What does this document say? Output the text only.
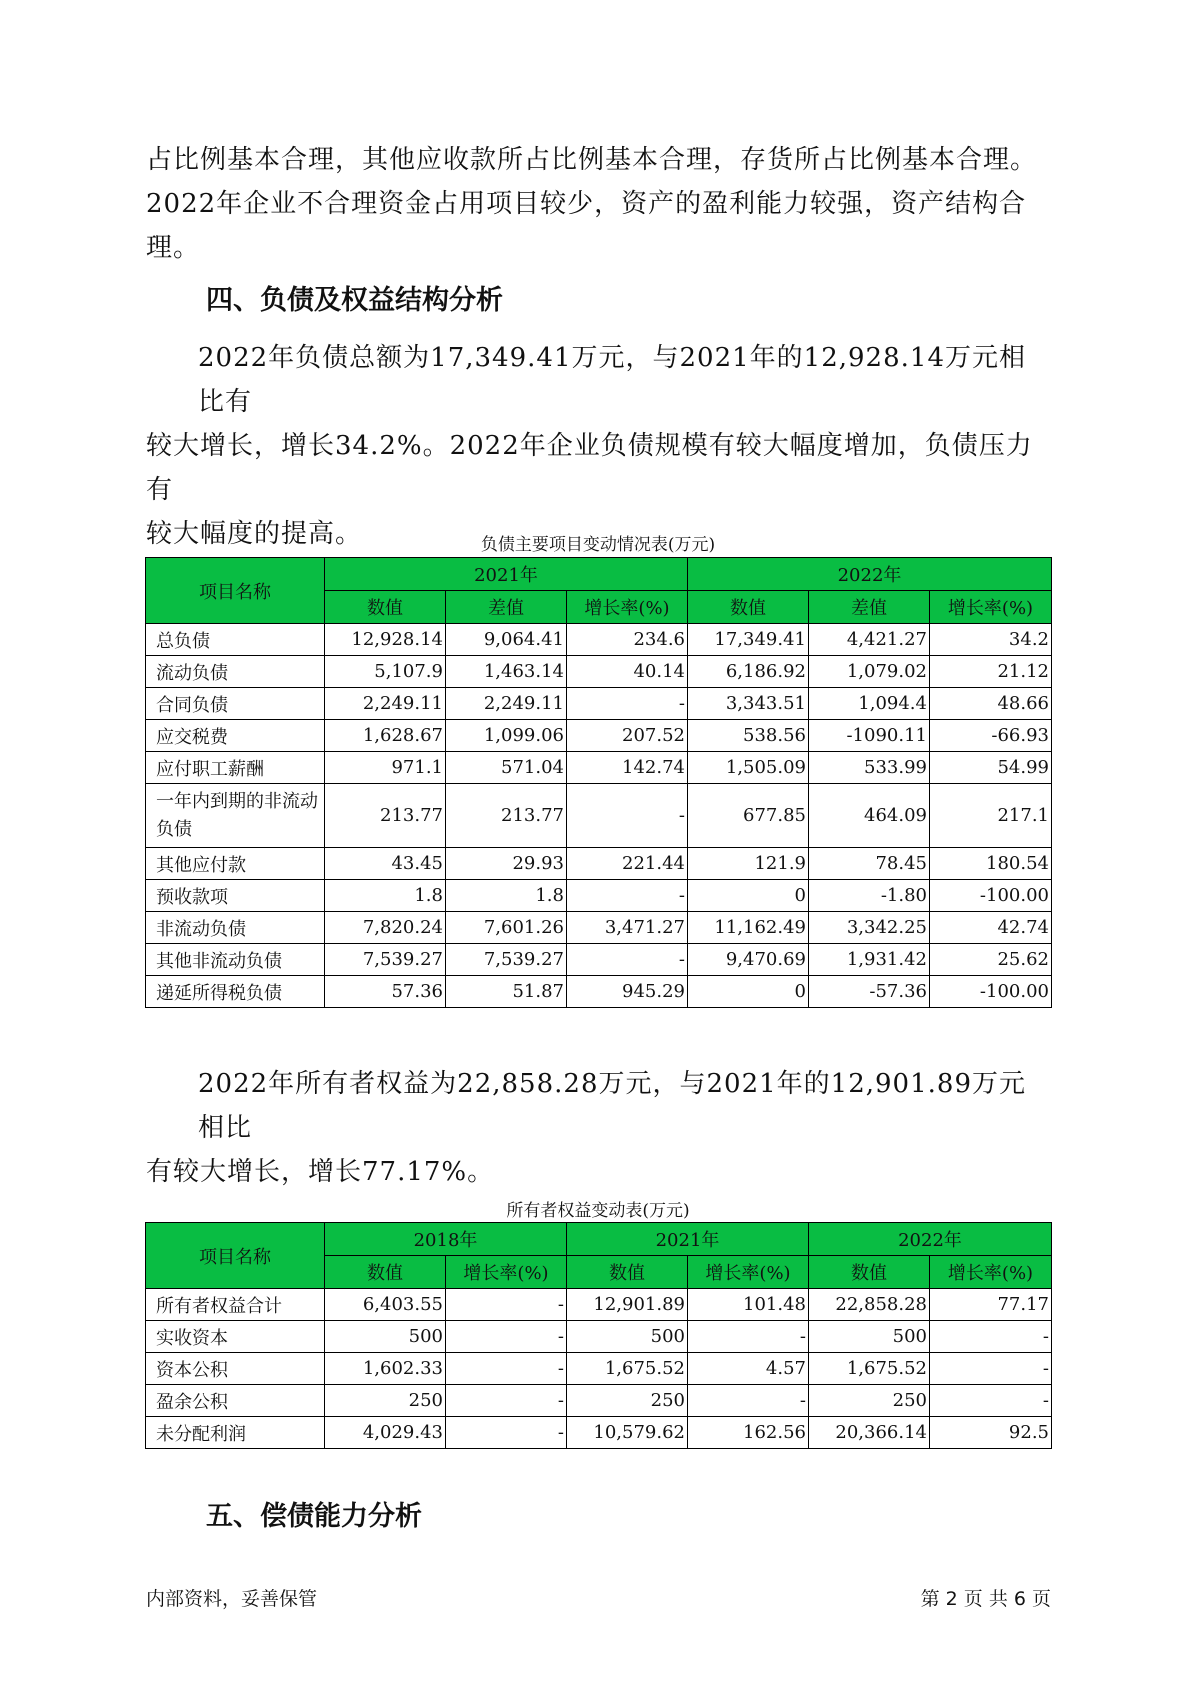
占比例基本合理，其他应收款所占比例基本合理，存货所占比例基本合理。
2022年企业不合理资金占用项目较少，资产的盈利能力较强，资产结构合
理。
四、负债及权益结构分析
2022年负债总额为17,349.41万元，与2021年的12,928.14万元相比有
较大增长，增长34.2%。2022年企业负债规模有较大幅度增加，负债压力有
较大幅度的提高。	负债主要项目变动情况表(万元)
项目名称	2021年			2022年		
	数值	差值	增长率(%)	数值	差值	增长率(%)
总负债	12,928.14	9,064.41	234.6	17,349.41	4,421.27	34.2
流动负债	5,107.9	1,463.14	40.14	6,186.92	1,079.02	21.12
合同负债	2,249.11	2,249.11	-	3,343.51	1,094.4	48.66
应交税费	1,628.67	1,099.06	207.52	538.56	-1090.11	-66.93
应付职工薪酬	971.1	571.04	142.74	1,505.09	533.99	54.99
一年内到期的非流动负债	213.77	213.77	-	677.85	464.09	217.1
其他应付款	43.45	29.93	221.44	121.9	78.45	180.54
预收款项	1.8	1.8	-	0	-1.80	-100.00
非流动负债	7,820.24	7,601.26	3,471.27	11,162.49	3,342.25	42.74
其他非流动负债	7,539.27	7,539.27	-	9,470.69	1,931.42	25.62
递延所得税负债	57.36	51.87	945.29	0	-57.36	-100.00
2022年所有者权益为22,858.28万元，与2021年的12,901.89万元相比
有较大增长，增长77.17%。
所有者权益变动表(万元)
项目名称	2018年		2021年		2022年	
	数值	增长率(%)	数值	增长率(%)	数值	增长率(%)
所有者权益合计	6,403.55	-	12,901.89	101.48	22,858.28	77.17
实收资本	500	-	500	-	500	-
资本公积	1,602.33	-	1,675.52	4.57	1,675.52	-
盈余公积	250	-	250	-	250	-
未分配利润	4,029.43	-	10,579.62	162.56	20,366.14	92.5
五、偿债能力分析
内部资料，妥善保管	第 2 页 共 6 页
